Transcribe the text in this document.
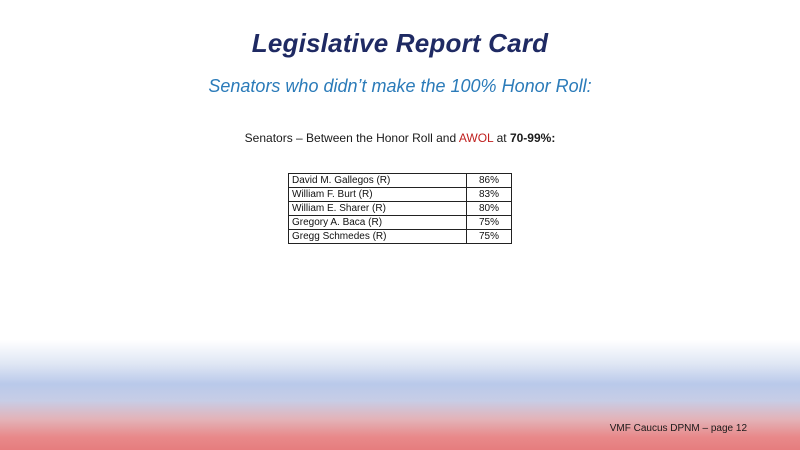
Legislative Report Card
Senators who didn’t make the 100% Honor Roll:
Senators – Between the Honor Roll and AWOL at 70-99%:
David M. Gallegos (R)	86%
William F. Burt (R)	83%
William E. Sharer (R)	80%
Gregory A. Baca (R)	75%
Gregg Schmedes (R)	75%
VMF Caucus DPNM – page 12
